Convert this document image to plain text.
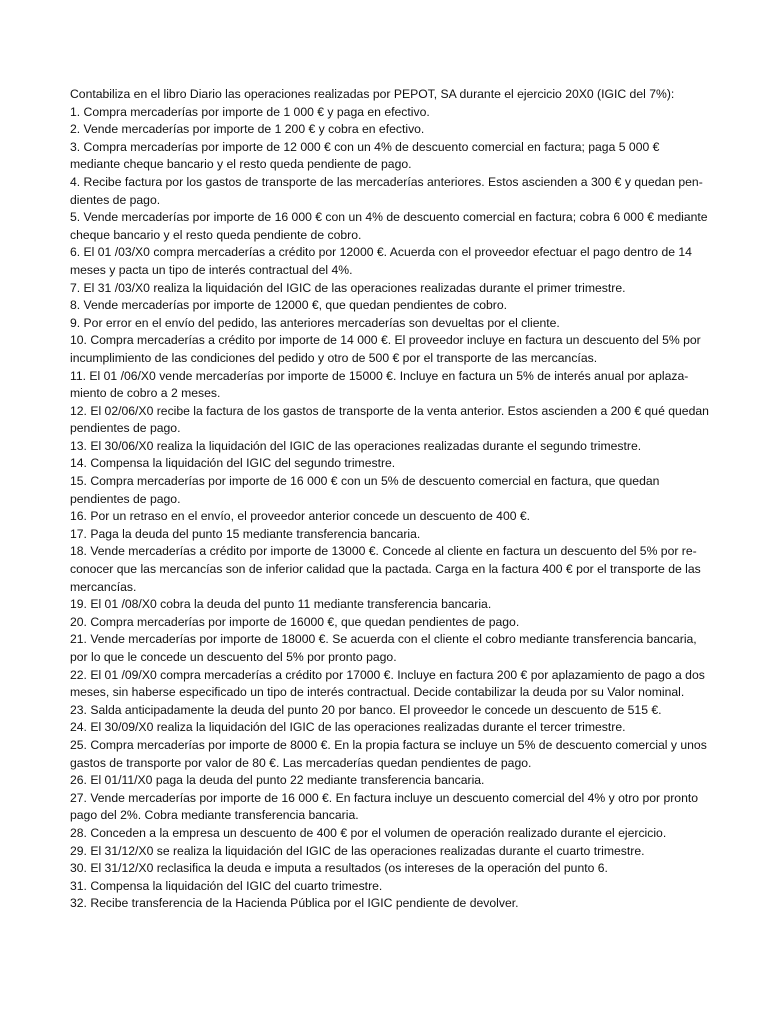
Contabiliza en el libro Diario las operaciones realizadas por PEPOT, SA durante el ejercicio 20X0 (IGIC del 7%):

1. Compra mercaderías por importe de 1 000 € y paga en efectivo.

2. Vende mercaderías por importe de 1 200 € y cobra en efectivo.

3. Compra mercaderías por importe de 12 000 € con un 4% de descuento comercial en factura; paga 5 000 € mediante cheque bancario y el resto queda pendiente de pago.

4. Recibe factura por los gastos de transporte de las mercaderías anteriores. Estos ascienden a 300 € y quedan pen-dientes de pago.

5. Vende mercaderías por importe de 16 000 € con un 4% de descuento comercial en factura; cobra 6 000 € mediante cheque bancario y el resto queda pendiente de cobro.

6. El 01 /03/X0 compra mercaderías a crédito por 12000 €. Acuerda con el proveedor efectuar el pago dentro de 14 meses y pacta un tipo de interés contractual del 4%.

7. El 31 /03/X0 realiza la liquidación del IGIC de las operaciones realizadas durante el primer trimestre.

8. Vende mercaderías por importe de 12000 €, que quedan pendientes de cobro.

9. Por error en el envío del pedido, las anteriores mercaderías son devueltas por el cliente.

10. Compra mercaderías a crédito por importe de 14 000 €. El proveedor incluye en factura un descuento del 5% por incumplimiento de las condiciones del pedido y otro de 500 € por el transporte de las mercancías.

11. El 01 /06/X0 vende mercaderías por importe de 15000 €. Incluye en factura un 5% de interés anual por aplaza-miento de cobro a 2 meses.

12. El 02/06/X0 recibe la factura de los gastos de transporte de la venta anterior. Estos ascienden a 200 € qué quedan pendientes de pago.

13. El 30/06/X0 realiza la liquidación del IGIC de las operaciones realizadas durante el segundo trimestre.

14. Compensa la liquidación del IGIC del segundo trimestre.

15. Compra mercaderías por importe de 16 000 € con un 5% de descuento comercial en factura, que quedan pendientes de pago.

16. Por un retraso en el envío, el proveedor anterior concede un descuento de 400 €.

17. Paga la deuda del punto 15 mediante transferencia bancaria.

18. Vende mercaderías a crédito por importe de 13000 €. Concede al cliente en factura un descuento del 5% por re-conocer que las mercancías son de inferior calidad que la pactada. Carga en la factura 400 € por el transporte de las mercancías.

19. El 01 /08/X0 cobra la deuda del punto 11 mediante transferencia bancaria.

20. Compra mercaderías por importe de 16000 €, que quedan pendientes de pago.

21. Vende mercaderías por importe de 18000 €. Se acuerda con el cliente el cobro mediante transferencia bancaria, por lo que le concede un descuento del 5% por pronto pago.

22. El 01 /09/X0 compra mercaderías a crédito por 17000 €. Incluye en factura 200 € por aplazamiento de pago a dos meses, sin haberse especificado un tipo de interés contractual. Decide contabilizar la deuda por su Valor nominal.

23. Salda anticipadamente la deuda del punto 20 por banco. El proveedor le concede un descuento de 515 €.

24. El 30/09/X0 realiza la liquidación del IGIC de las operaciones realizadas durante el tercer trimestre.

25. Compra mercaderías por importe de 8000 €. En la propia factura se incluye un 5% de descuento comercial y unos gastos de transporte por valor de 80 €. Las mercaderías quedan pendientes de pago.

26. El 01/11/X0 paga la deuda del punto 22 mediante transferencia bancaria.

27. Vende mercaderías por importe de 16 000 €. En factura incluye un descuento comercial del 4% y otro por pronto pago del 2%. Cobra mediante transferencia bancaria.

28. Conceden a la empresa un descuento de 400 € por el volumen de operación realizado durante el ejercicio.

29. El 31/12/X0 se realiza la liquidación del IGIC de las operaciones realizadas durante el cuarto trimestre.

30. El 31/12/X0 reclasifica la deuda e imputa a resultados (os intereses de la operación del punto 6.

31. Compensa la liquidación del IGIC del cuarto trimestre.

32. Recibe transferencia de la Hacienda Pública por el IGIC pendiente de devolver.
